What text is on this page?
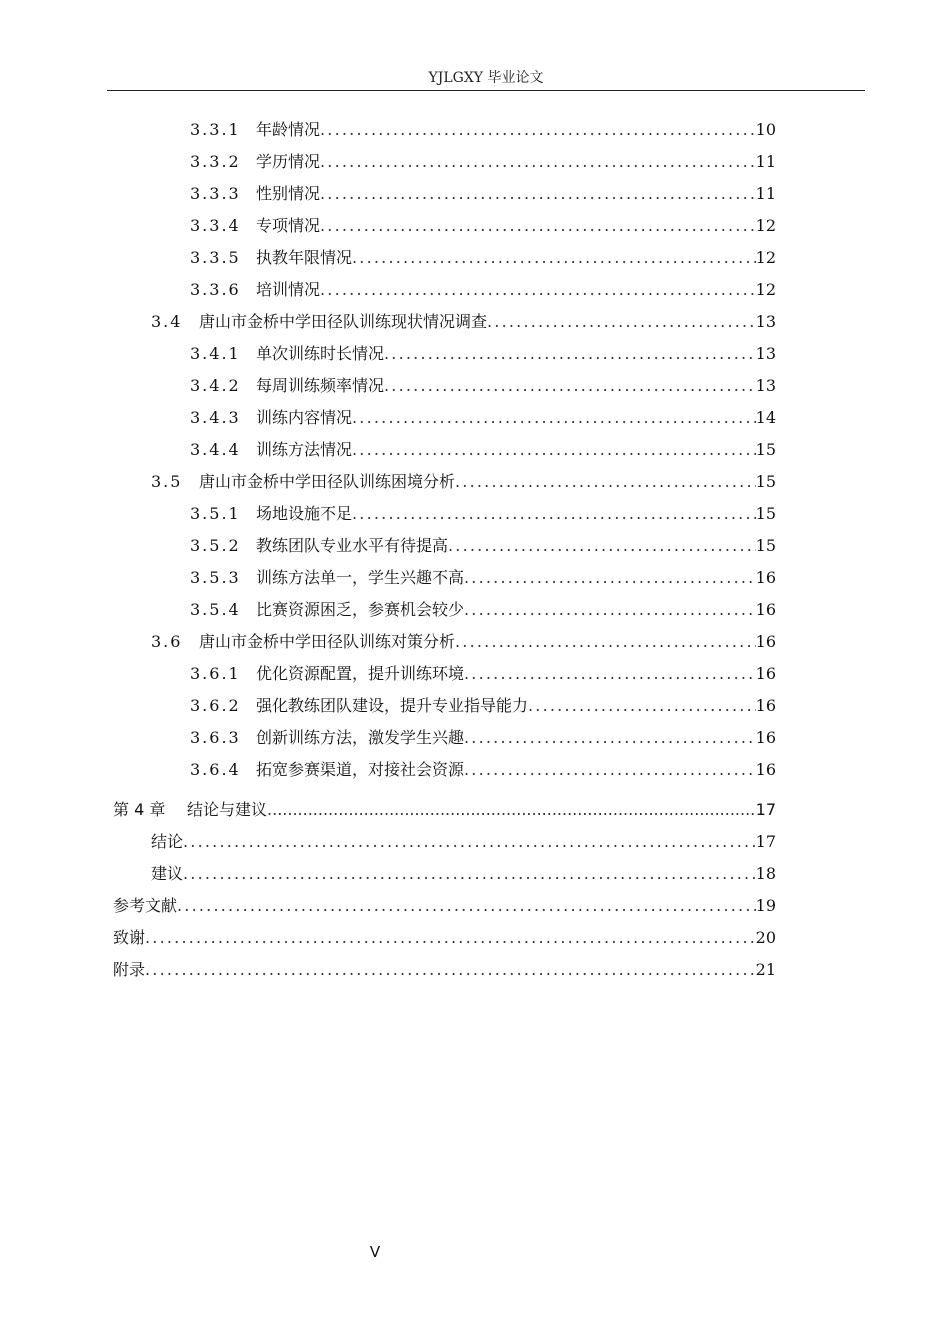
YJLGXY 毕业论文
3.3.1 年龄情况 .....	10
3.3.2 学历情况 .....	11
3.3.3 性别情况 .....	11
3.3.4 专项情况 .....	12
3.3.5 执教年限情况 .....	12
3.3.6 培训情况 .....	12
3.4	唐山市金桥中学田径队训练现状情况调查 .....	13
3.4.1 单次训练时长情况 .....	13
3.4.2 每周训练频率情况 .....	13
3.4.3 训练内容情况 .....	14
3.4.4 训练方法情况 .....	15
3.5	唐山市金桥中学田径队训练困境分析 .....	15
3.5.1 场地设施不足 .....	15
3.5.2 教练团队专业水平有待提高 .....	15
3.5.3 训练方法单一，学生兴趣不高 .....	16
3.5.4 比赛资源困乏，参赛机会较少 .....	16
3.6	唐山市金桥中学田径队训练对策分析 .....	16
3.6.1 优化资源配置，提升训练环境 .....	16
3.6.2 强化教练团队建设，提升专业指导能力 .....	16
3.6.3 创新训练方法，激发学生兴趣 .....	16
3.6.4 拓宽参赛渠道，对接社会资源 .....	16
第 4 章	结论与建议 .....	17
结论 .....	17
建议 .....	18
参考文献 .....	19
致谢 .....	20
附录 .....	21
V
